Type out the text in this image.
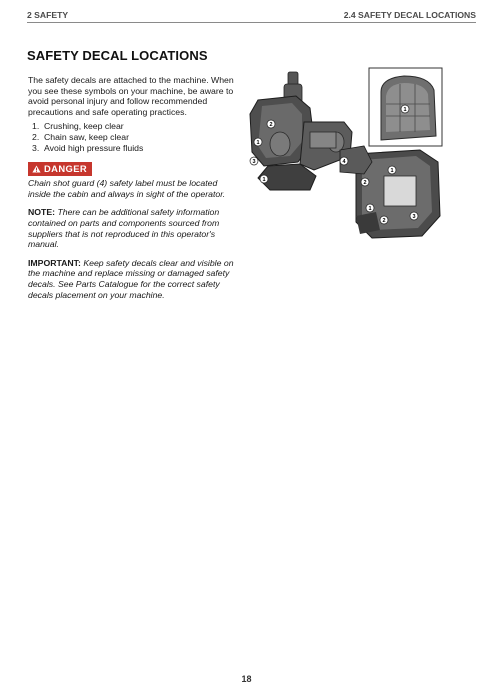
2 SAFETY	2.4 SAFETY DECAL LOCATIONS
SAFETY DECAL LOCATIONS

The safety decals are attached to the machine. When you see these symbols on your machine, be aware to avoid personal injury and follow recommended precautions and safe operating practices.

1. Crushing, keep clear
2. Chain saw, keep clear
3. Avoid high pressure fluids
DANGER

Chain shot guard (4) safety label must be located inside the cabin and always in sight of the operator.

NOTE: There can be additional safety information contained on parts and components sourced from suppliers that is not reproduced in this operator's manual.

IMPORTANT: Keep safety decals clear and visible on the machine and replace missing or damaged safety decals. See Parts Catalogue for the correct safety decals placement on your machine.

1
2
1
3
1
4
1
2
1
2
3
18
